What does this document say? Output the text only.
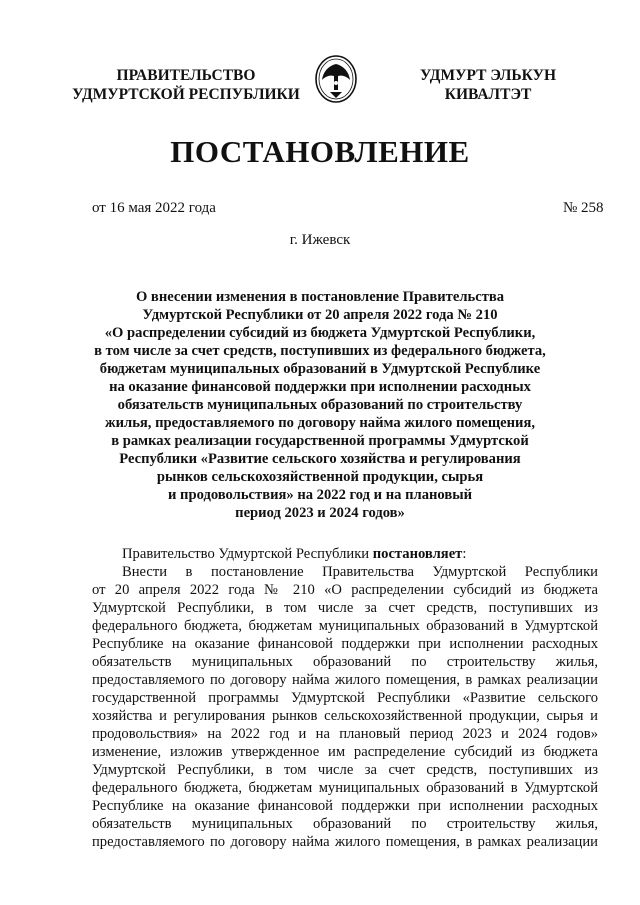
ПРАВИТЕЛЬСТВО
УДМУРТСКОЙ РЕСПУБЛИКИ
УДМУРТ ЭЛЬКУН
КИВАЛТЭТ
ПОСТАНОВЛЕНИЕ
от 16 мая 2022 года	№ 258
г. Ижевск
О внесении изменения в постановление Правительства
Удмуртской Республики от 20 апреля 2022 года № 210
«О распределении субсидий из бюджета Удмуртской Республики,
в том числе за счет средств, поступивших из федерального бюджета,
бюджетам муниципальных образований в Удмуртской Республике
на оказание финансовой поддержки при исполнении расходных
обязательств муниципальных образований по строительству
жилья, предоставляемого по договору найма жилого помещения,
в рамках реализации государственной программы Удмуртской
Республики «Развитие сельского хозяйства и регулирования
рынков сельскохозяйственной продукции, сырья
и продовольствия» на 2022 год и на плановый
период 2023 и 2024 годов»
Правительство Удмуртской Республики постановляет:
Внести в постановление Правительства Удмуртской Республики
от 20 апреля 2022 года № 210 «О распределении субсидий из бюджета
Удмуртской Республики, в том числе за счет средств, поступивших из
федерального бюджета, бюджетам муниципальных образований в Удмуртской
Республике на оказание финансовой поддержки при исполнении расходных
обязательств муниципальных образований по строительству жилья,
предоставляемого по договору найма жилого помещения, в рамках реализации
государственной программы Удмуртской Республики «Развитие сельского
хозяйства и регулирования рынков сельскохозяйственной продукции, сырья и
продовольствия» на 2022 год и на плановый период 2023 и 2024 годов»
изменение, изложив утвержденное им распределение субсидий из бюджета
Удмуртской Республики, в том числе за счет средств, поступивших из
федерального бюджета, бюджетам муниципальных образований в Удмуртской
Республике на оказание финансовой поддержки при исполнении расходных
обязательств муниципальных образований по строительству жилья,
предоставляемого по договору найма жилого помещения, в рамках реализации
